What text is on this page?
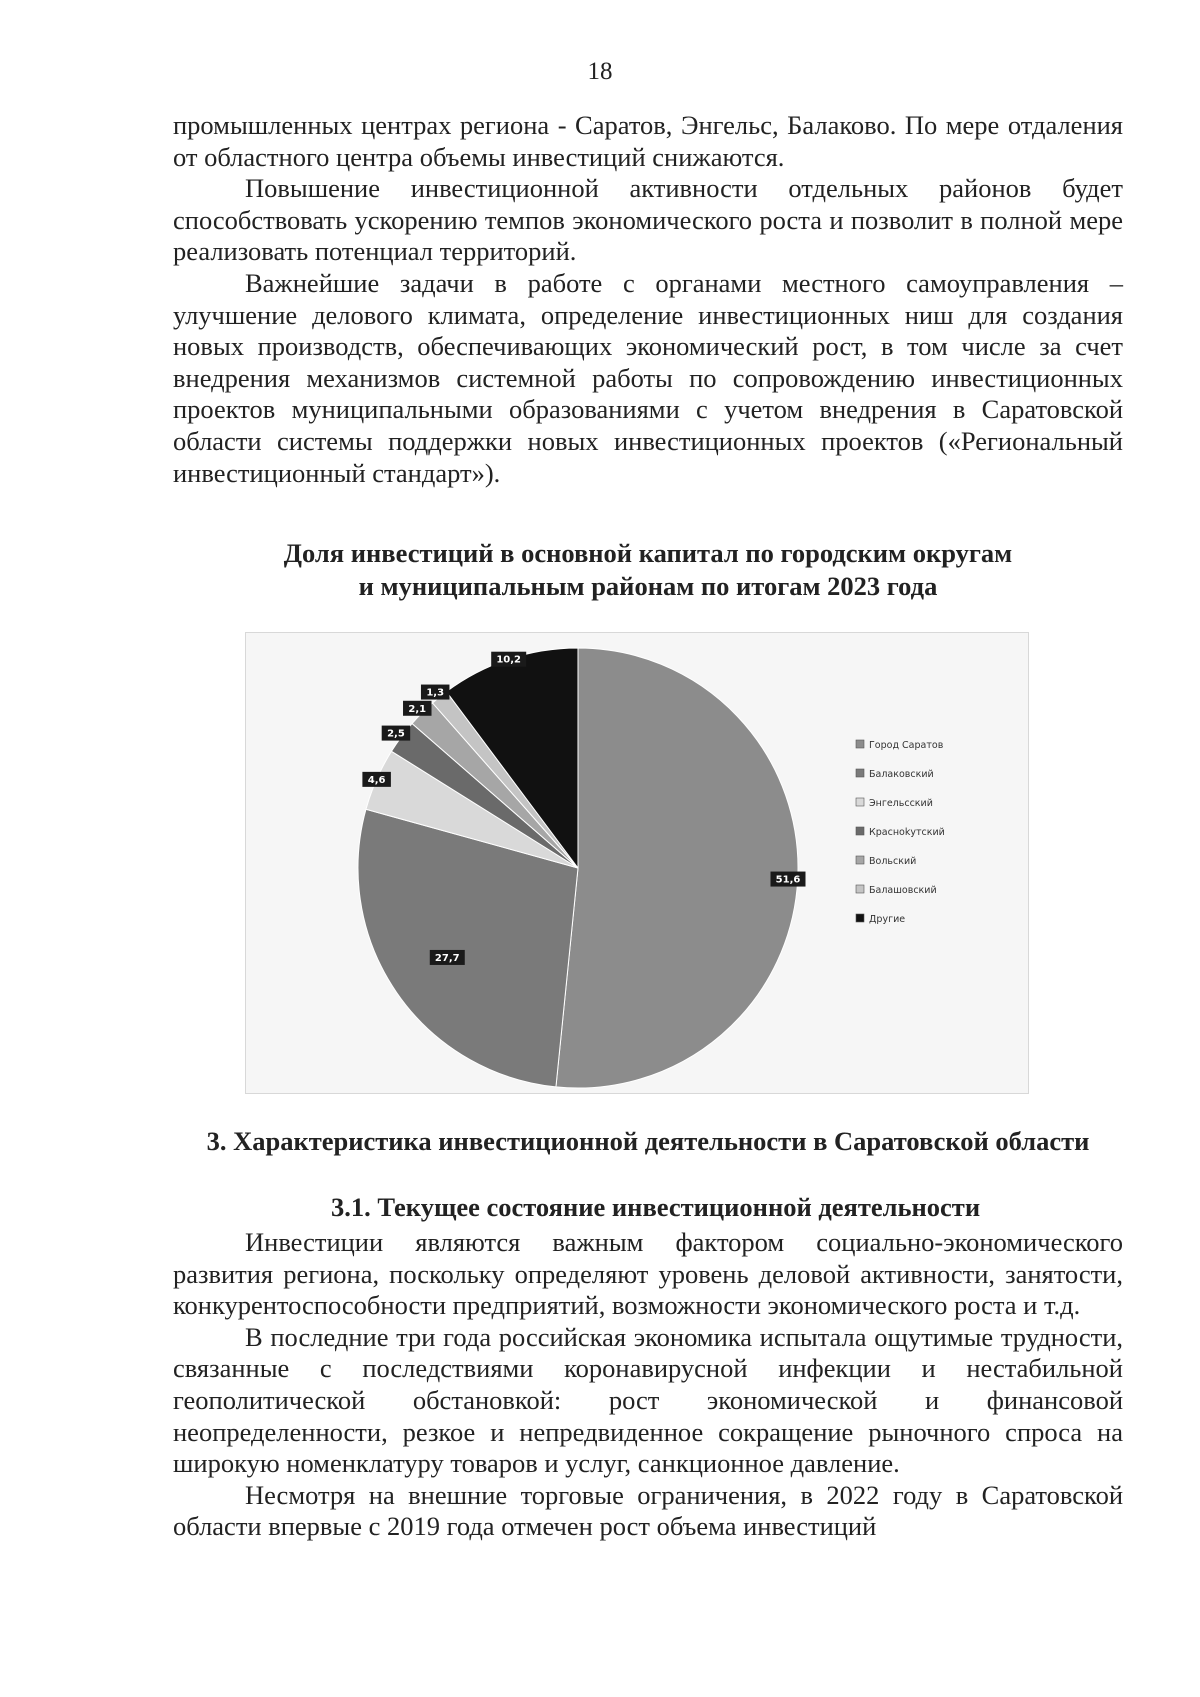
18

промышленных центрах региона - Саратов, Энгельс, Балаково. По мере отдаления от областного центра объемы инвестиций снижаются.

Повышение инвестиционной активности отдельных районов будет способствовать ускорению темпов экономического роста и позволит в полной мере реализовать потенциал территорий.

Важнейшие задачи в работе с органами местного самоуправления – улучшение делового климата, определение инвестиционных ниш для создания новых производств, обеспечивающих экономический рост, в том числе за счет внедрения механизмов системной работы по сопровождению инвестиционных проектов муниципальными образованиями с учетом внедрения в Саратовской области системы поддержки новых инвестиционных проектов («Региональный инвестиционный стандарт»).

Доля инвестиций в основной капитал по городским округам
и муниципальным районам по итогам 2023 года
51,6
27,7
4,6
2,5
2,1
1,3
10,2
Город Саратов
Балаковский
Энгельсский
Красноkутский
Вольский
Балашовский
Другие
3. Характеристика инвестиционной деятельности в Саратовской области
3.1. Текущее состояние инвестиционной деятельности

Инвестиции являются важным фактором социально-экономического развития региона, поскольку определяют уровень деловой активности, занятости, конкурентоспособности предприятий, возможности экономического роста и т.д.

В последние три года российская экономика испытала ощутимые трудности, связанные с последствиями коронавирусной инфекции и нестабильной геополитической обстановкой: рост экономической и финансовой неопределенности, резкое и непредвиденное сокращение рыночного спроса на широкую номенклатуру товаров и услуг, санкционное давление.

Несмотря на внешние торговые ограничения, в 2022 году в Саратовской области впервые с 2019 года отмечен рост объема инвестиций
